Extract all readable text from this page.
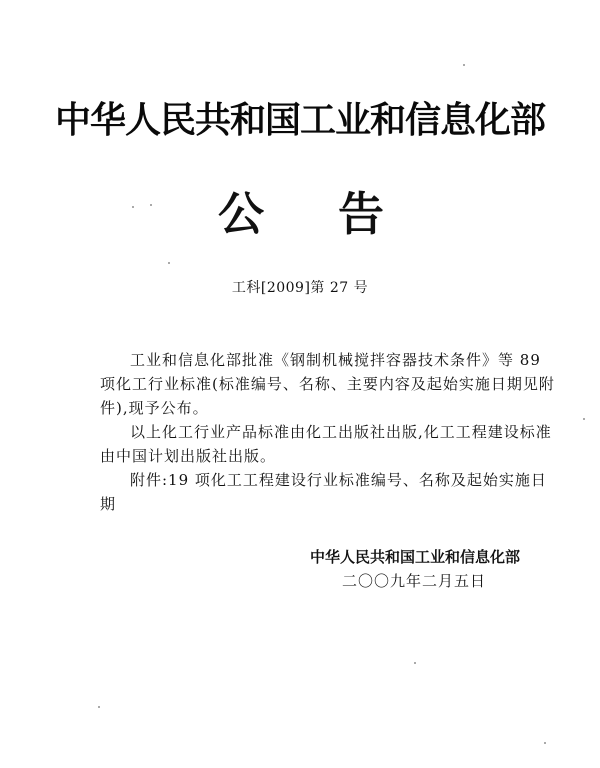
中华人民共和国工业和信息化部
公 告
工科[2009]第 27 号

工业和信息化部批准《钢制机械搅拌容器技术条件》等 89 项化工行业标准(标准编号、名称、主要内容及起始实施日期见附件),现予公布。

以上化工行业产品标准由化工出版社出版,化工工程建设标准由中国计划出版社出版。

附件:19 项化工工程建设行业标准编号、名称及起始实施日期

中华人民共和国工业和信息化部
二〇〇九年二月五日
